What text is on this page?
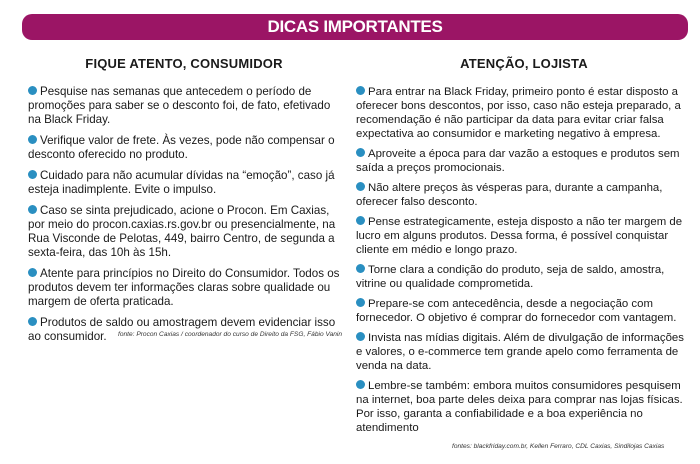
DICAS IMPORTANTES
FIQUE ATENTO, CONSUMIDOR
Pesquise nas semanas que antecedem o período de promoções para saber se o desconto foi, de fato, efetivado na Black Friday.
Verifique valor de frete. Às vezes, pode não compensar o desconto oferecido no produto.
Cuidado para não acumular dívidas na “emoção”, caso já esteja inadimplente. Evite o impulso.
Caso se sinta prejudicado, acione o Procon. Em Caxias, por meio do procon.caxias.rs.gov.br ou presencialmente, na Rua Visconde de Pelotas, 449, bairro Centro, de segunda a sexta-feira, das 10h às 15h.
Atente para princípios no Direito do Consumidor. Todos os produtos devem ter informações claras sobre qualidade ou margem de oferta praticada.
Produtos de saldo ou amostragem devem evidenciar isso ao consumidor.	fonte: Procon Caxias / coordenador do curso de Direito da FSG, Fábio Vanin
ATENÇÃO, LOJISTA
Para entrar na Black Friday, primeiro ponto é estar disposto a oferecer bons descontos, por isso, caso não esteja preparado, a recomendação é não participar da data para evitar criar falsa expectativa ao consumidor e marketing negativo à empresa.
Aproveite a época para dar vazão a estoques e produtos sem saída a preços promocionais.
Não altere preços às vésperas para, durante a campanha, oferecer falso desconto.
Pense estrategicamente, esteja disposto a não ter margem de lucro em alguns produtos. Dessa forma, é possível conquistar cliente em médio e longo prazo.
Torne clara a condição do produto, seja de saldo, amostra, vitrine ou qualidade comprometida.
Prepare-se com antecedência, desde a negociação com fornecedor. O objetivo é comprar do fornecedor com vantagem.
Invista nas mídias digitais. Além de divulgação de informações e valores, o e-commerce tem grande apelo como ferramenta de venda na data.
Lembre-se também: embora muitos consumidores pesquisem na internet, boa parte deles deixa para comprar nas lojas físicas. Por isso, garanta a confiabilidade e a boa experiência no atendimento
fontes: blackfriday.com.br, Kellen Ferraro, CDL Caxias, Sindilojas Caxias
